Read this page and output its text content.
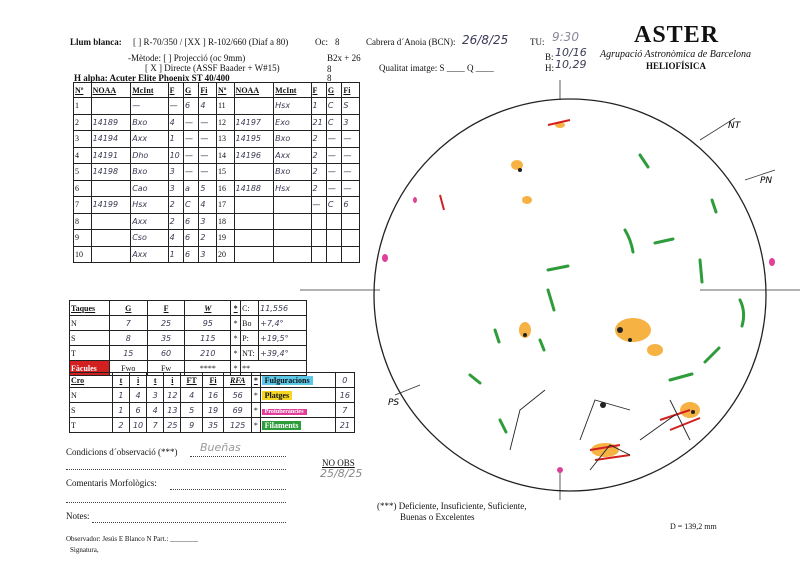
Llum blanca: [ ] R-70/350 / [XX ] R-102/660 (Diaf a 80)	Oc: 8
-Mètode: [ ] Projecció (oc 9mm)
[ X ] Directe (ASSF Baader + W#15)
B2x + 26
8
H alpha: Acuter Elite Phoenix ST 40/400	8
Cabrera d´Anoia (BCN): 26/8/25
Qualitat imatge: S ____ Q ____
TU: 9:30
B: 10/16
H: 10,29
ASTER
Agrupació Astronòmica de Barcelona
HELIOFÍSICA
Nº	NOAA	McInt	F	G	Fi	Nº	NOAA	McInt	F	G	Fi
1		—	—	6	4	11		Hsx	1	C	S
2	14189	Bxo	4	—	—	12	14197	Exo	21	C	3
3	14194	Axx	1	—	—	13	14195	Bxo	2	—	—
4	14191	Dho	10	—	—	14	14196	Axx	2	—	—
5	14198	Bxo	3	—	—	15		Bxo	2	—	—
6		Cao	3	a	5	16	14188	Hsx	2	—	—
7	14199	Hsx	2	C	4	17			—	C	6
8		Axx	2	6	3	18					
9		Cso	4	6	2	19					
10		Axx	1	6	3	20					
Taques	G	F	W	*	C:	11,556
N	7	25	95	*	Bo	+7,4°
S	8	35	115	*	P:	+19,5°
T	15	60	210	*	NT:	+39,4°
Fàcules	Fwo	Fw	****	*	**	
Cro	t	i	t	i	FT	Fi	RFA	*	Fulguracions	0
N	1	4	3	12	4	16	56	*	Platges	16
S	1	6	4	13	5	19	69	*	Protuberàncies	7
T	2	10	7	25	9	35	125	*	Filaments	21
Condicions d´observació (***) Bueñas
Comentaris Morfològics:
Notes:
Observador: Jesús E Blanco N Part.: ________
Signatura,
NO OBS
25/8/25
(***) Deficiente, Insuficiente, Suficiente,
Buenas o Excelentes
D = 139,2 mm
NT
PN
PS
